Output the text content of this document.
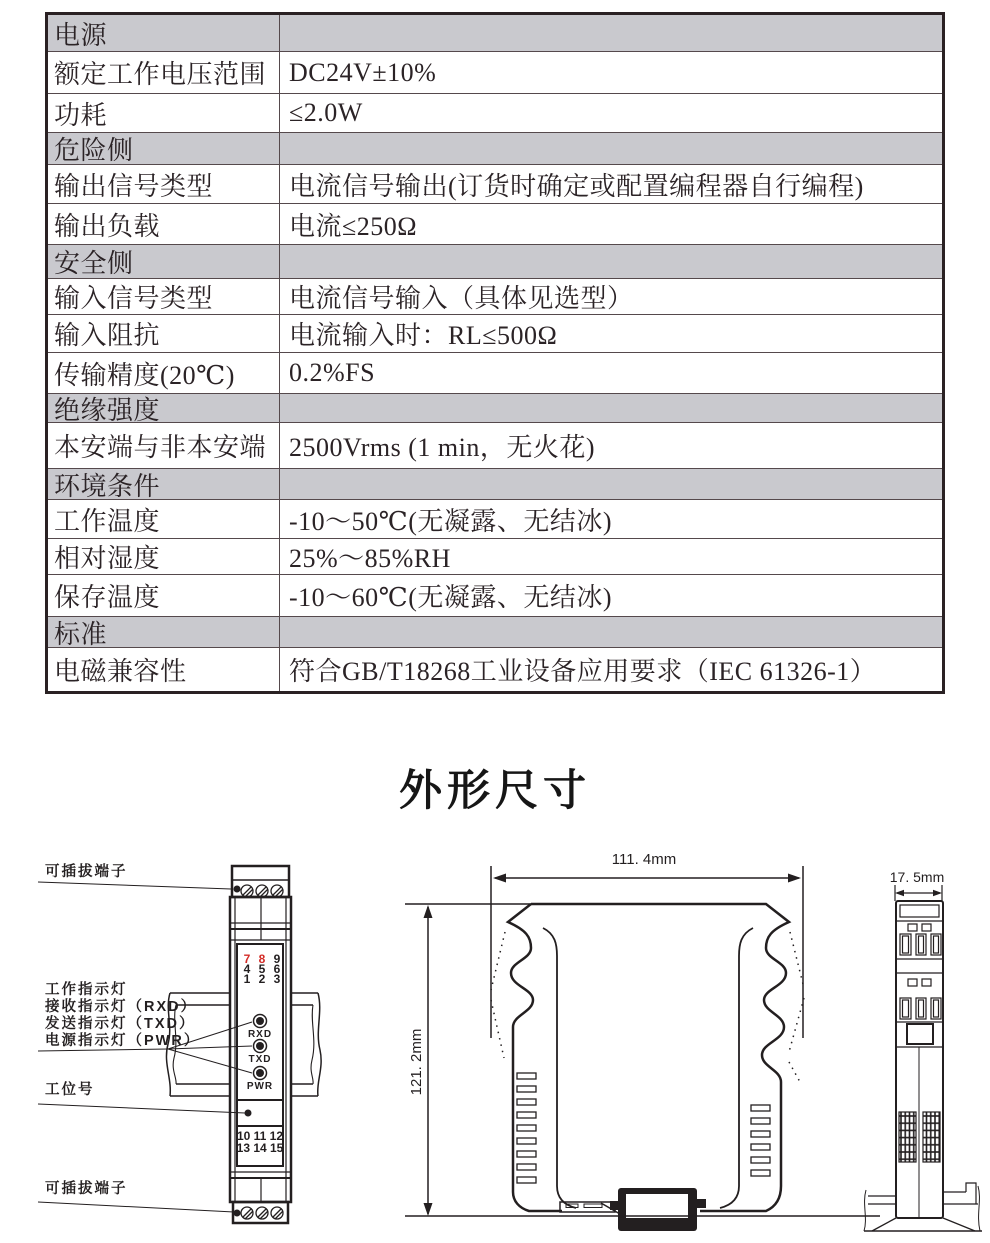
电源
额定工作电压范围 DC24V±10%
功耗	≤2.0W
危险侧
输出信号类型	电流信号输出(订货时确定或配置编程器自行编程)
输出负载	电流≤250Ω
安全侧
输入信号类型	电流信号输入（具体见选型）
输入阻抗	电流输入时：RL≤500Ω
传输精度(20℃)	0.2%FS
绝缘强度
本安端与非本安端 2500Vrms (1 min，无火花)
环境条件
工作温度	-10～50℃(无凝露、无结冰)
相对湿度	25%～85%RH
保存温度	-10～60℃(无凝露、无结冰)
标准
电磁兼容性	符合GB/T18268工业设备应用要求（IEC 61326-1）
外形尺寸
7 8 9
4 5 6
1 2 3
RXD
TXD
PWR
10 11 12
13 14 15
可插拔端子
工作指示灯
接收指示灯（RXD）
发送指示灯（TXD）
电源指示灯（PWR）
工位号
可插拔端子
111. 4mm
121. 2mm
17. 5mm
